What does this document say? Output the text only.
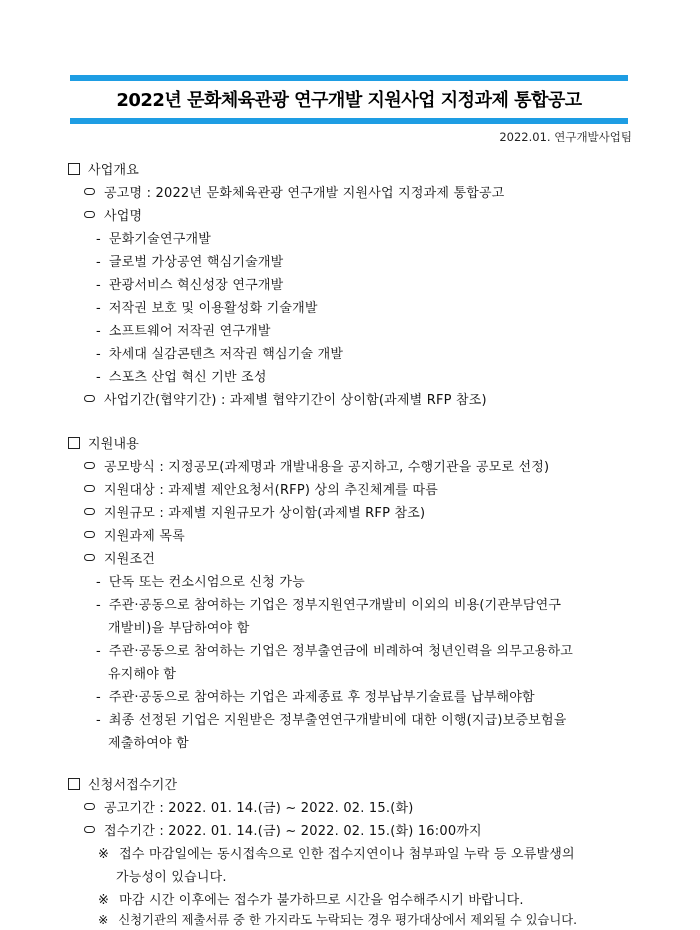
2022년 문화체육관광 연구개발 지원사업 지정과제 통합공고
2022.01. 연구개발사업팀
사업개요
공고명 : 2022년 문화체육관광 연구개발 지원사업 지정과제 통합공고
사업명
- 문화기술연구개발
- 글로벌 가상공연 핵심기술개발
- 관광서비스 혁신성장 연구개발
- 저작권 보호 및 이용활성화 기술개발
- 소프트웨어 저작권 연구개발
- 차세대 실감콘텐츠 저작권 핵심기술 개발
- 스포츠 산업 혁신 기반 조성
사업기간(협약기간) : 과제별 협약기간이 상이함(과제별 RFP 참조)
지원내용
공모방식 : 지정공모(과제명과 개발내용을 공지하고, 수행기관을 공모로 선정)
지원대상 : 과제별 제안요청서(RFP) 상의 추진체계를 따름
지원규모 : 과제별 지원규모가 상이함(과제별 RFP 참조)
지원과제 목록
지원조건
- 단독 또는 컨소시엄으로 신청 가능
- 주관·공동으로 참여하는 기업은 정부지원연구개발비 이외의 비용(기관부담연구
개발비)을 부담하여야 함
- 주관·공동으로 참여하는 기업은 정부출연금에 비례하여 청년인력을 의무고용하고
유지해야 함
- 주관·공동으로 참여하는 기업은 과제종료 후 정부납부기술료를 납부해야함
- 최종 선정된 기업은 지원받은 정부출연연구개발비에 대한 이행(지급)보증보험을
제출하여야 함
신청서접수기간
공고기간 : 2022. 01. 14.(금) ~ 2022. 02. 15.(화)
접수기간 : 2022. 01. 14.(금) ~ 2022. 02. 15.(화) 16:00까지
※ 접수 마감일에는 동시접속으로 인한 접수지연이나 첨부파일 누락 등 오류발생의
가능성이 있습니다.
※ 마감 시간 이후에는 접수가 불가하므로 시간을 엄수해주시기 바랍니다.
※ 신청기관의 제출서류 중 한 가지라도 누락되는 경우 평가대상에서 제외될 수 있습니다.
